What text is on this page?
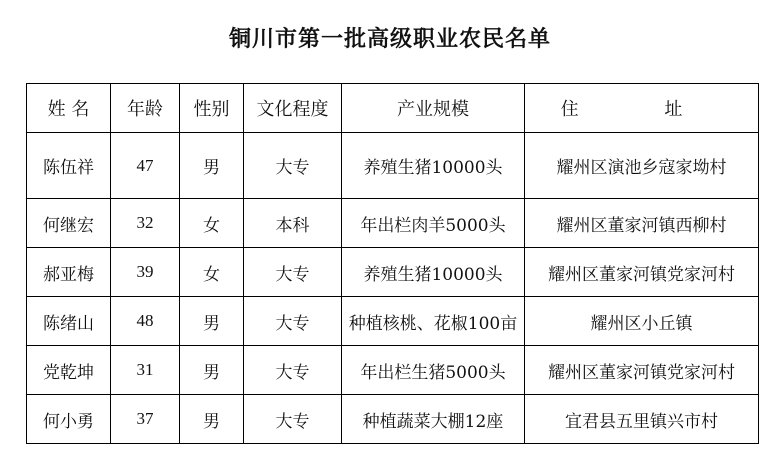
铜川市第一批高级职业农民名单
姓 名	年龄	性别	文化程度	产业规模	住 址
陈伍祥	47	男	大专	养殖生猪10000头	耀州区演池乡寇家坳村
何继宏	32	女	本科	年出栏肉羊5000头	耀州区董家河镇西柳村
郝亚梅	39	女	大专	养殖生猪10000头	耀州区董家河镇党家河村
陈绪山	48	男	大专	种植核桃、花椒100亩	耀州区小丘镇
党乾坤	31	男	大专	年出栏生猪5000头	耀州区董家河镇党家河村
何小勇	37	男	大专	种植蔬菜大棚12座	宜君县五里镇兴市村
